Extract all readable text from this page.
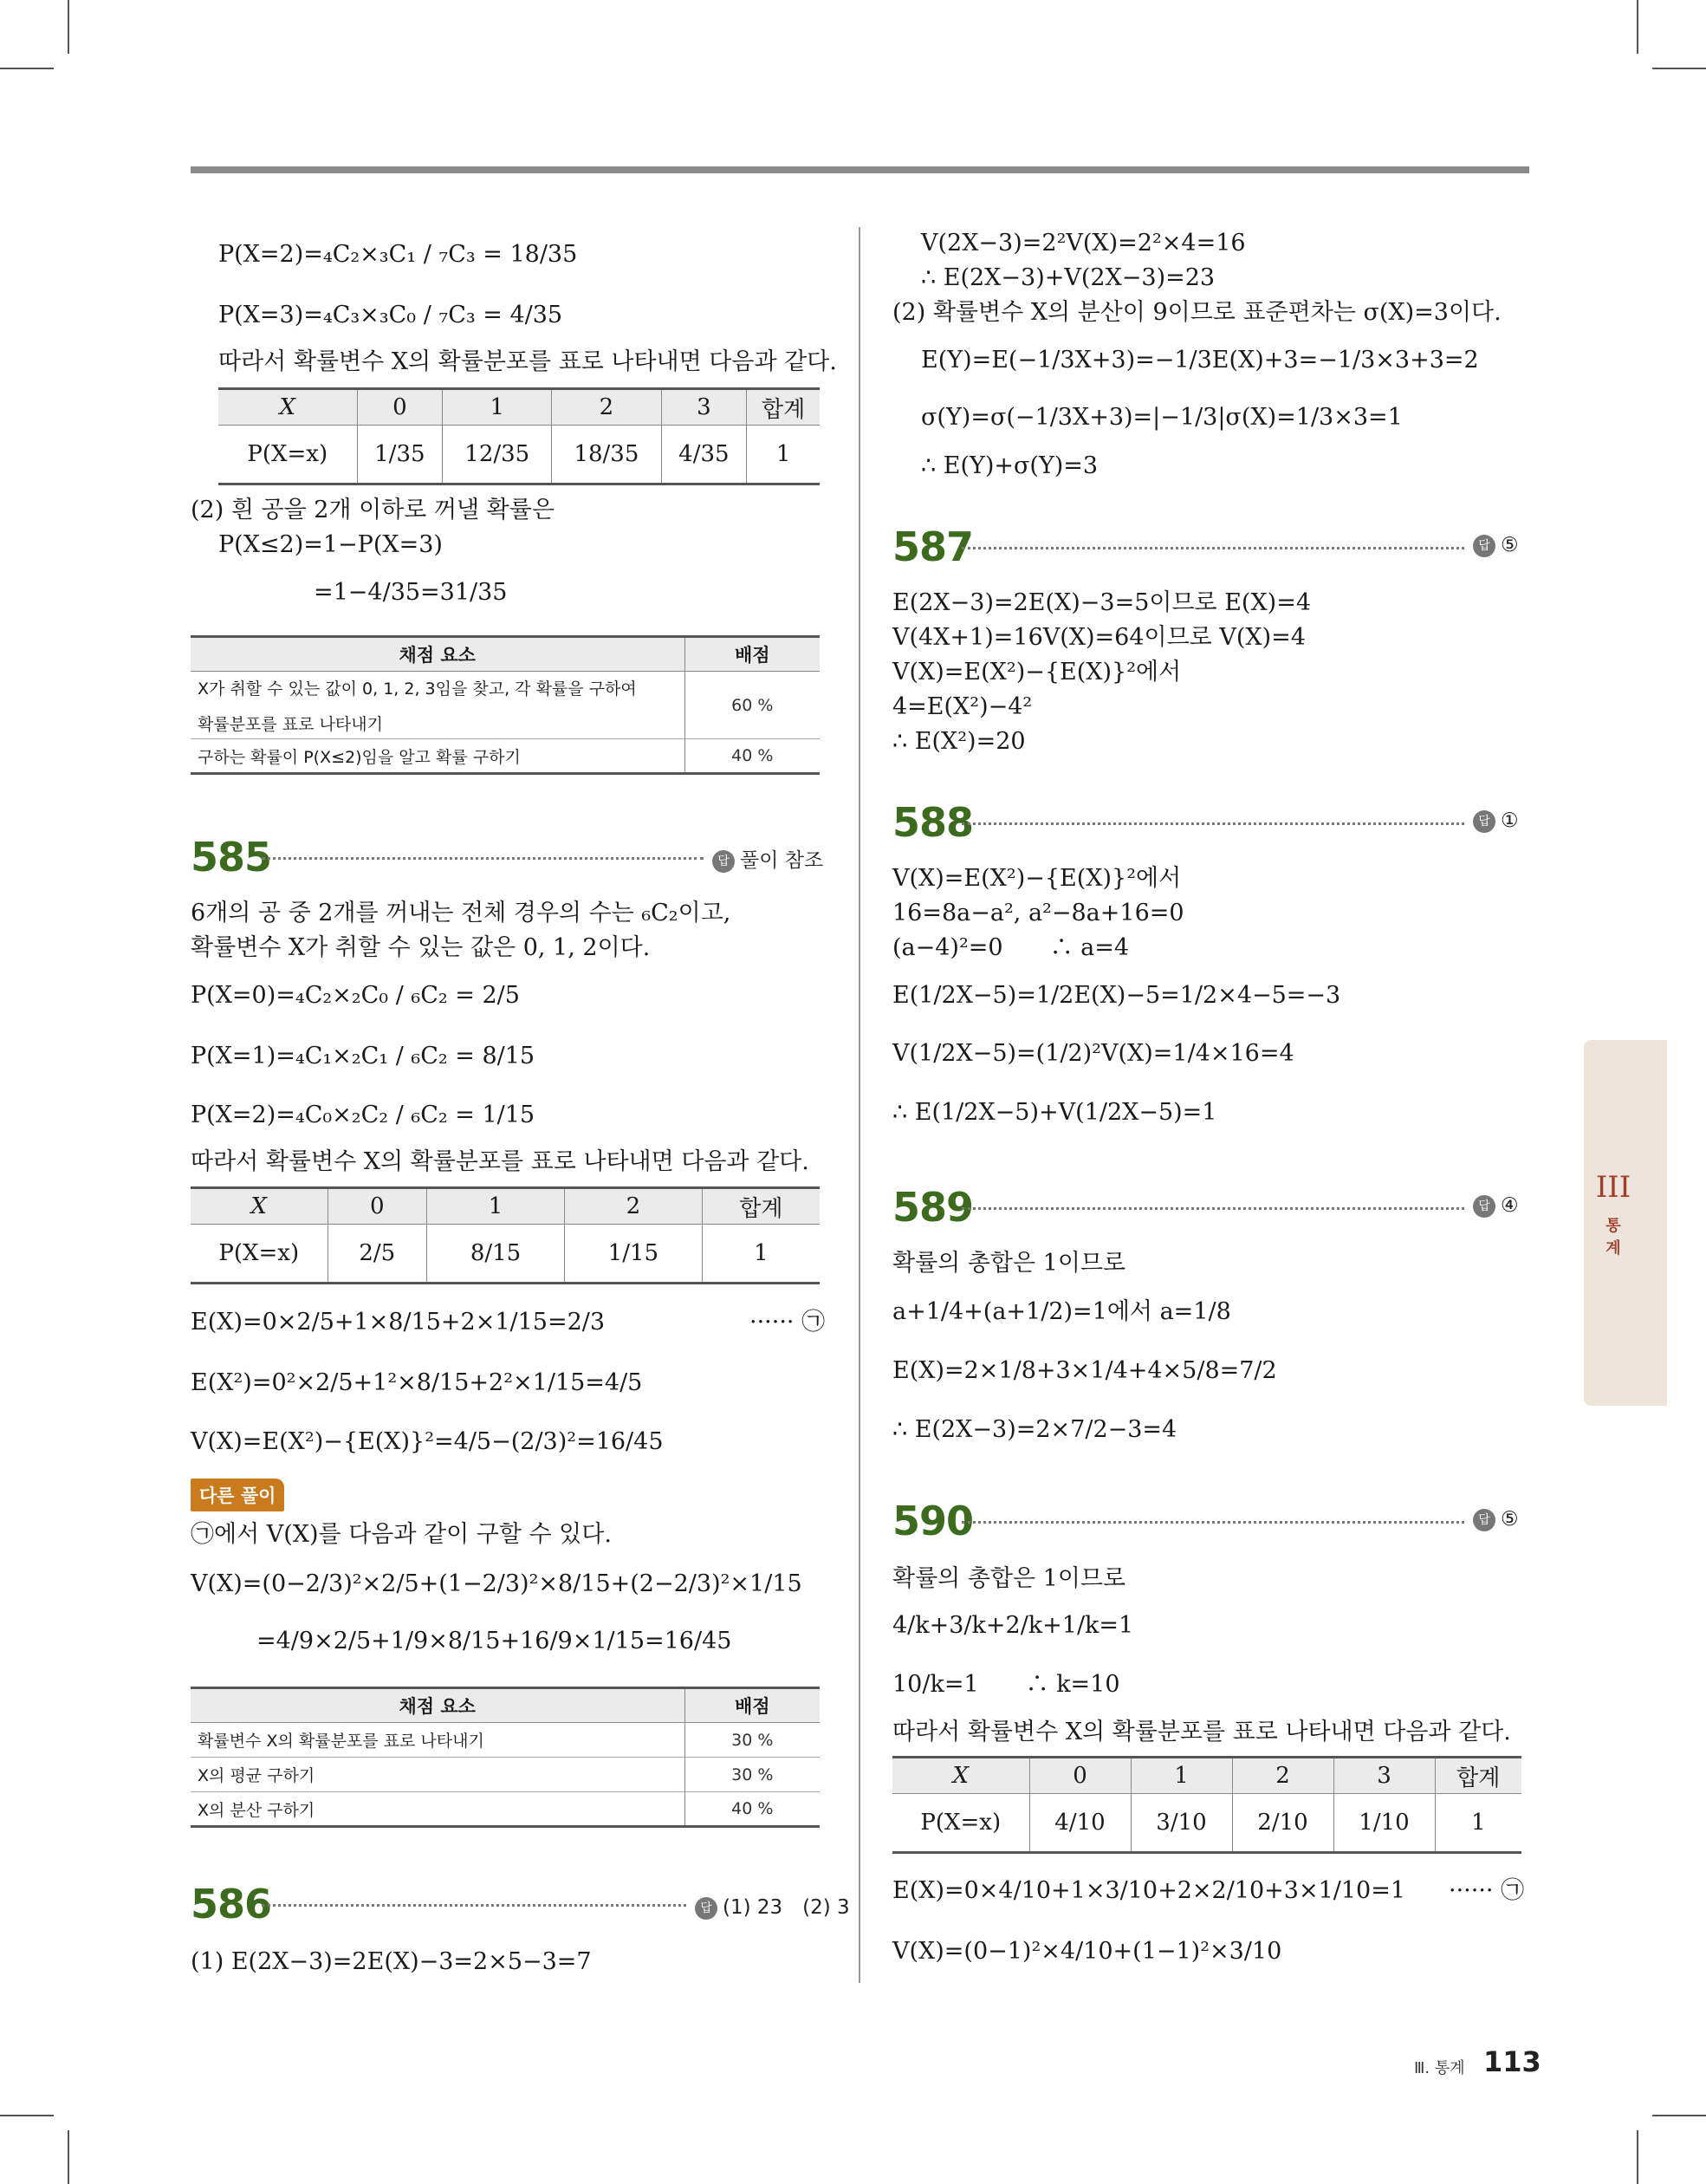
P(X=2)=₄C₂×₃C₁ / ₇C₃ = 18/35
P(X=3)=₄C₃×₃C₀ / ₇C₃ = 4/35
따라서 확률변수 X의 확률분포를 표로 나타내면 다음과 같다.
X	0	1	2	3	합계
P(X=x)	1/35	12/35	18/35	4/35	1
(2) 흰 공을 2개 이하로 꺼낼 확률은
P(X≤2)=1−P(X=3)
=1−4/35=31/35
채점 요소	배점

X가 취할 수 있는 값이 0, 1, 2, 3임을 찾고, 각 확률을 구하여
확률분포를 표로 나타내기	60 %
구하는 확률이 P(X≤2)임을 알고 확률 구하기	40 %
585	답 풀이 참조
6개의 공 중 2개를 꺼내는 전체 경우의 수는 ₆C₂이고,
확률변수 X가 취할 수 있는 값은 0, 1, 2이다.
P(X=0)=₄C₂×₂C₀ / ₆C₂ = 2/5
P(X=1)=₄C₁×₂C₁ / ₆C₂ = 8/15
P(X=2)=₄C₀×₂C₂ / ₆C₂ = 1/15
따라서 확률변수 X의 확률분포를 표로 나타내면 다음과 같다.
X	0	1	2	합계
P(X=x)	2/5	8/15	1/15	1
E(X)=0×2/5+1×8/15+2×1/15=2/3	······ ㉠
E(X²)=0²×2/5+1²×8/15+2²×1/15=4/5
V(X)=E(X²)−{E(X)}²=4/5−(2/3)²=16/45
다른 풀이
㉠에서 V(X)를 다음과 같이 구할 수 있다.
V(X)=(0−2/3)²×2/5+(1−2/3)²×8/15+(2−2/3)²×1/15
=4/9×2/5+1/9×8/15+16/9×1/15=16/45
채점 요소	배점
확률변수 X의 확률분포를 표로 나타내기	30 %
X의 평균 구하기	30 %
X의 분산 구하기	40 %
586	답 (1) 23　(2) 3
(1) E(2X−3)=2E(X)−3=2×5−3=7
V(2X−3)=2²V(X)=2²×4=16
∴ E(2X−3)+V(2X−3)=23
(2) 확률변수 X의 분산이 9이므로 표준편차는 σ(X)=3이다.
E(Y)=E(−1/3X+3)=−1/3E(X)+3=−1/3×3+3=2
σ(Y)=σ(−1/3X+3)=|−1/3|σ(X)=1/3×3=1
∴ E(Y)+σ(Y)=3
587	답 ⑤
E(2X−3)=2E(X)−3=5이므로 E(X)=4
V(4X+1)=16V(X)=64이므로 V(X)=4
V(X)=E(X²)−{E(X)}²에서
4=E(X²)−4²
∴ E(X²)=20
588	답 ①
V(X)=E(X²)−{E(X)}²에서
16=8a−a², a²−8a+16=0
(a−4)²=0　　∴ a=4
E(1/2X−5)=1/2E(X)−5=1/2×4−5=−3
V(1/2X−5)=(1/2)²V(X)=1/4×16=4
∴ E(1/2X−5)+V(1/2X−5)=1
589	답 ④
확률의 총합은 1이므로
a+1/4+(a+1/2)=1에서 a=1/8
E(X)=2×1/8+3×1/4+4×5/8=7/2
∴ E(2X−3)=2×7/2−3=4
590	답 ⑤
확률의 총합은 1이므로
4/k+3/k+2/k+1/k=1
10/k=1　　∴ k=10
따라서 확률변수 X의 확률분포를 표로 나타내면 다음과 같다.
X	0	1	2	3	합계
P(X=x)	4/10	3/10	2/10	1/10	1
E(X)=0×4/10+1×3/10+2×2/10+3×1/10=1 ······ ㉠
V(X)=(0−1)²×4/10+(1−1)²×3/10
III
통
계
Ⅲ. 통계 113
